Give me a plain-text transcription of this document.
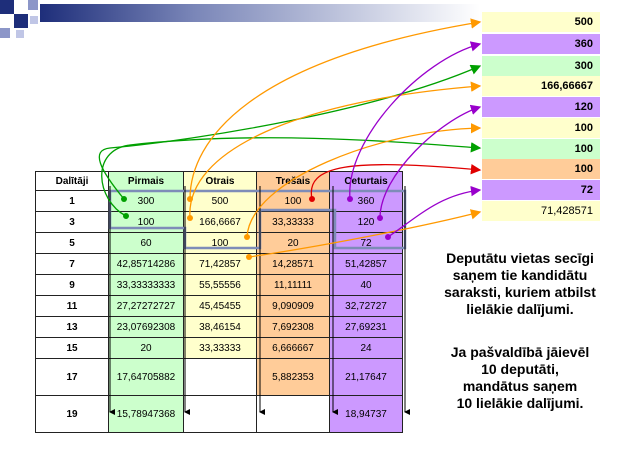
500
360
300
166,66667
120
100
100
100
72
71,428571
Dalītāji	Pirmais	Otrais	Trešais	Ceturtais
1	300	500	100	360
3	100	166,6667	33,33333	120
5	60	100	20	72
7	42,85714286	71,42857	14,28571	51,42857
9	33,33333333	55,55556	11,11111	40
11	27,27272727	45,45455	9,090909	32,72727
13	23,07692308	38,46154	7,692308	27,69231
15	20	33,33333	6,666667	24
17	17,64705882		5,882353	21,17647
19	15,78947368			18,94737
Deputātu vietas secīgi
saņem tie kandidātu
saraksti, kuriem atbilst
lielākie dalījumi.
Ja pašvaldībā jāievēl
10 deputāti,
mandātus saņem
10 lielākie dalījumi.
